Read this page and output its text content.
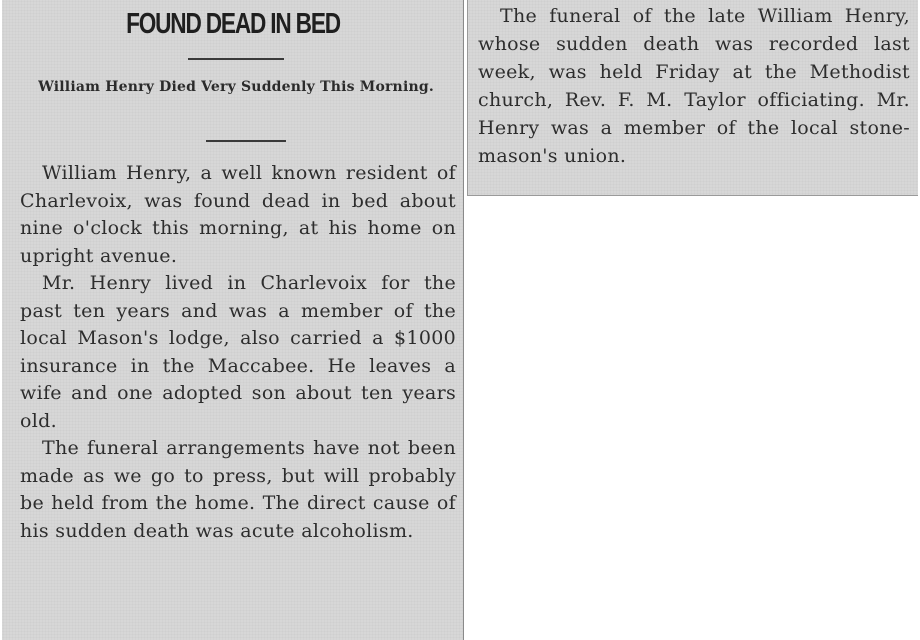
FOUND DEAD IN BED
William Henry Died Very Suddenly This Morning.

William Henry, a well known resident of Charlevoix, was found dead in bed about nine o'clock this morning, at his home on upright avenue.

Mr. Henry lived in Charlevoix for the past ten years and was a member of the local Mason's lodge, also carried a $1000 insurance in the Maccabee. He leaves a wife and one adopted son about ten years old.

The funeral arrangements have not been made as we go to press, but will probably be held from the home. The direct cause of his sudden death was acute alcoholism.

The funeral of the late William Henry, whose sudden death was recorded last week, was held Friday at the Methodist church, Rev. F. M. Taylor officiating. Mr. Henry was a member of the local stone-mason's union.
